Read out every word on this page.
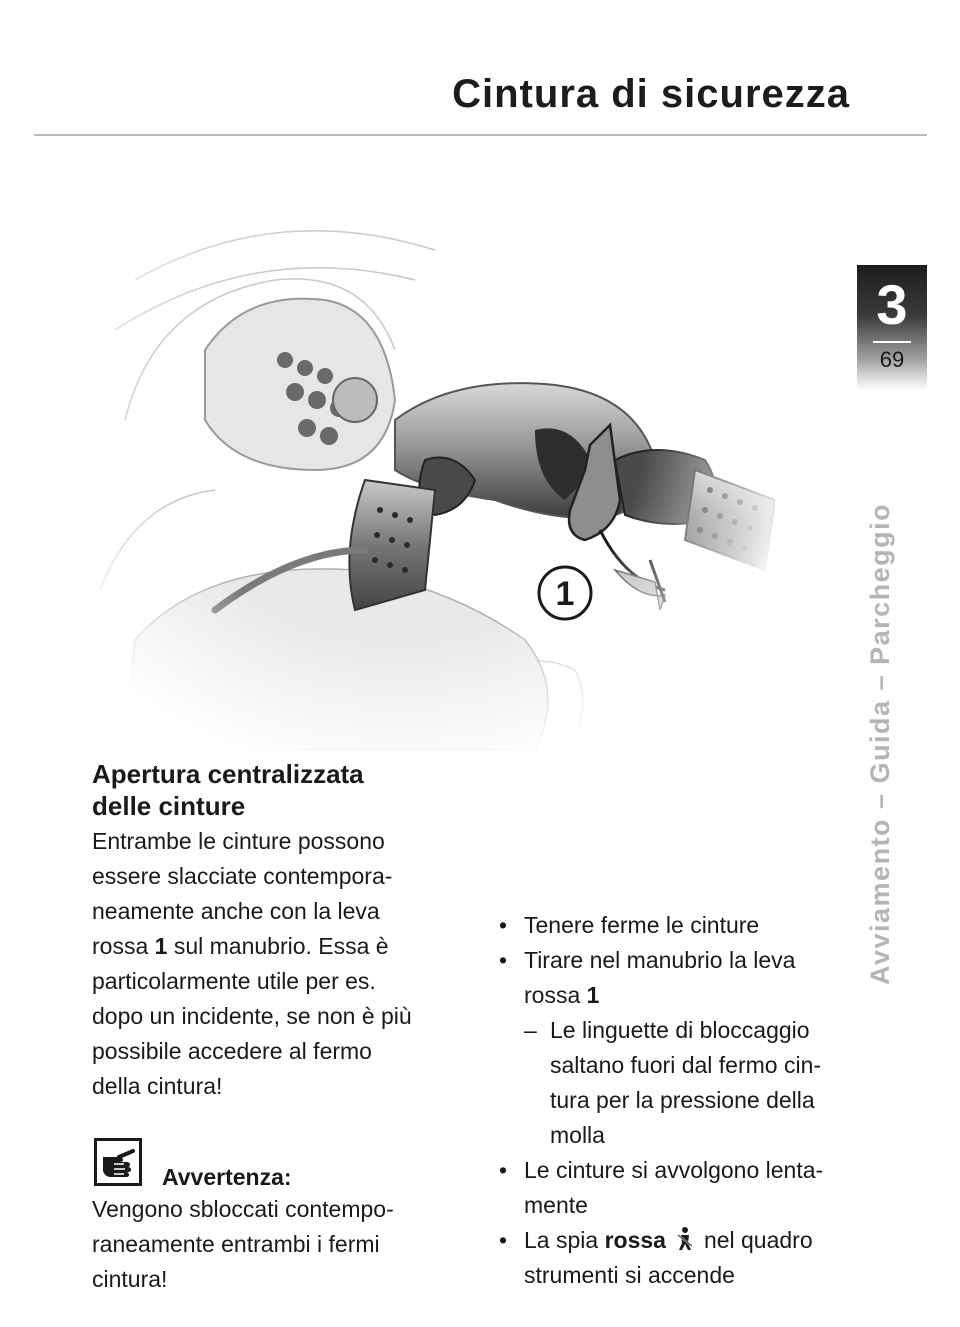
Cintura di sicurezza
3
69
Avviamento – Guida – Parcheggio
1
Apertura centralizzata
delle cinture

Entrambe le cinture possono
essere slacciate contempora-
neamente anche con la leva
rossa 1 sul manubrio. Essa è
particolarmente utile per es.
dopo un incidente, se non è più
possibile accedere al fermo
della cintura!

Avvertenza:

Vengono sbloccati contempo-
raneamente entrambi i fermi
cintura!

• Tenere ferme le cinture
• Tirare nel manubrio la leva
rossa 1
– Le linguette di bloccaggio
saltano fuori dal fermo cin-
tura per la pressione della
molla
• Le cinture si avvolgono lenta-
mente
• La spia rossa nel quadro
strumenti si accende
